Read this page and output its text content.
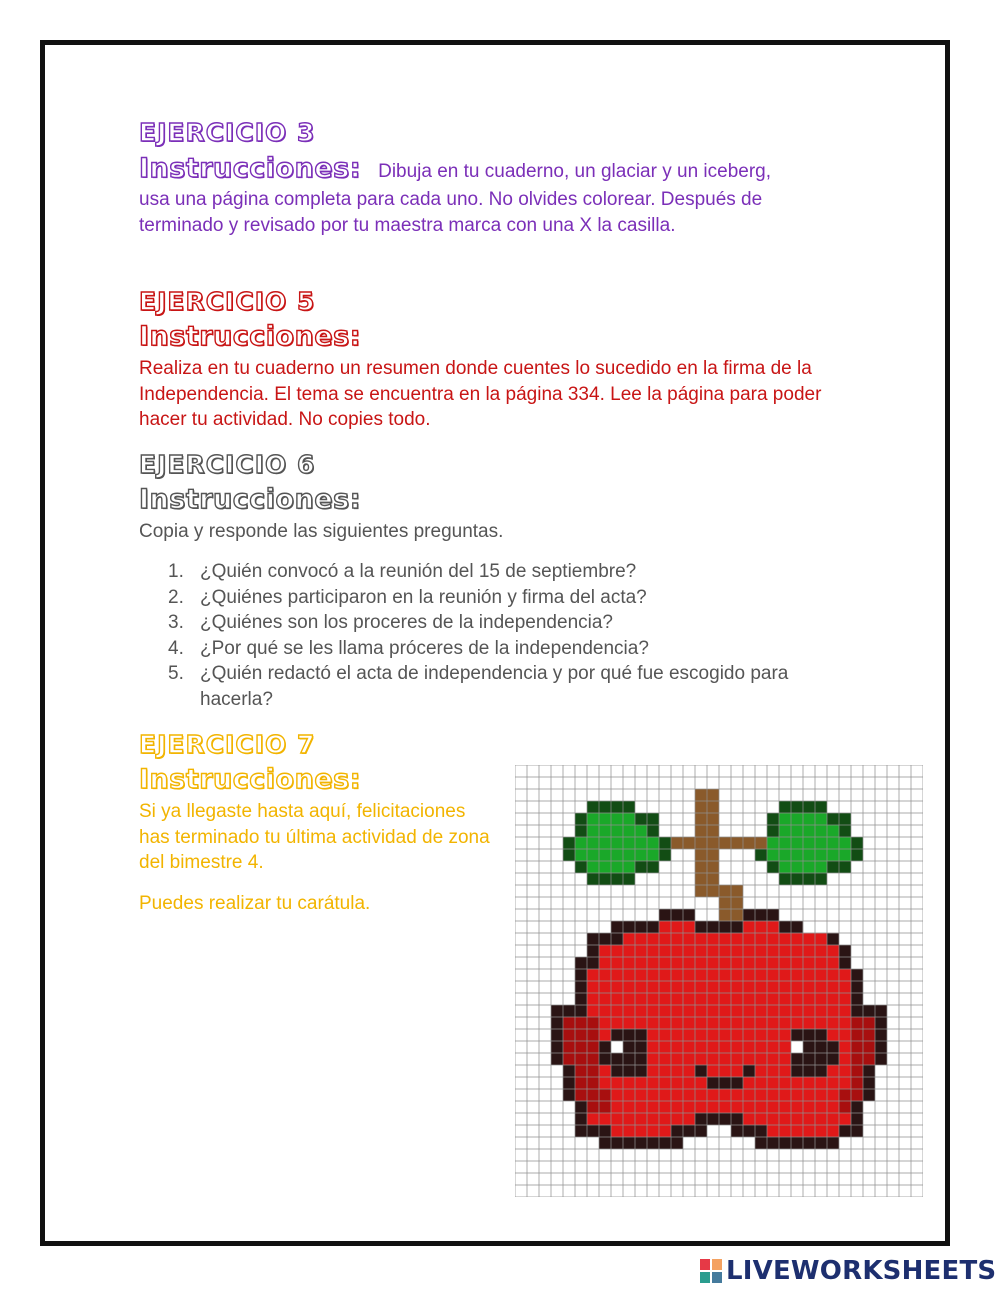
EJERCICIO 3
Instrucciones: Dibuja en tu cuaderno, un glaciar y un iceberg,

usa una página completa para cada uno. No olvides colorear. Después de terminado y revisado por tu maestra marca con una X la casilla.

EJERCICIO 5
Instrucciones:

Realiza en tu cuaderno un resumen donde cuentes lo sucedido en la firma de la Independencia. El tema se encuentra en la página 334. Lee la página para poder hacer tu actividad. No copies todo.

EJERCICIO 6
Instrucciones:

Copia y responde las siguientes preguntas.

1. ¿Quién convocó a la reunión del 15 de septiembre?
2. ¿Quiénes participaron en la reunión y firma del acta?
3. ¿Quiénes son los proceres de la independencia?
4. ¿Por qué se les llama próceres de la independencia?
5. ¿Quién redactó el acta de independencia y por qué fue escogido para hacerla?
EJERCICIO 7
Instrucciones:

Si ya llegaste hasta aquí, felicitaciones has terminado tu última actividad de zona del bimestre 4.

Puedes realizar tu carátula.

LIVEWORKSHEETS
